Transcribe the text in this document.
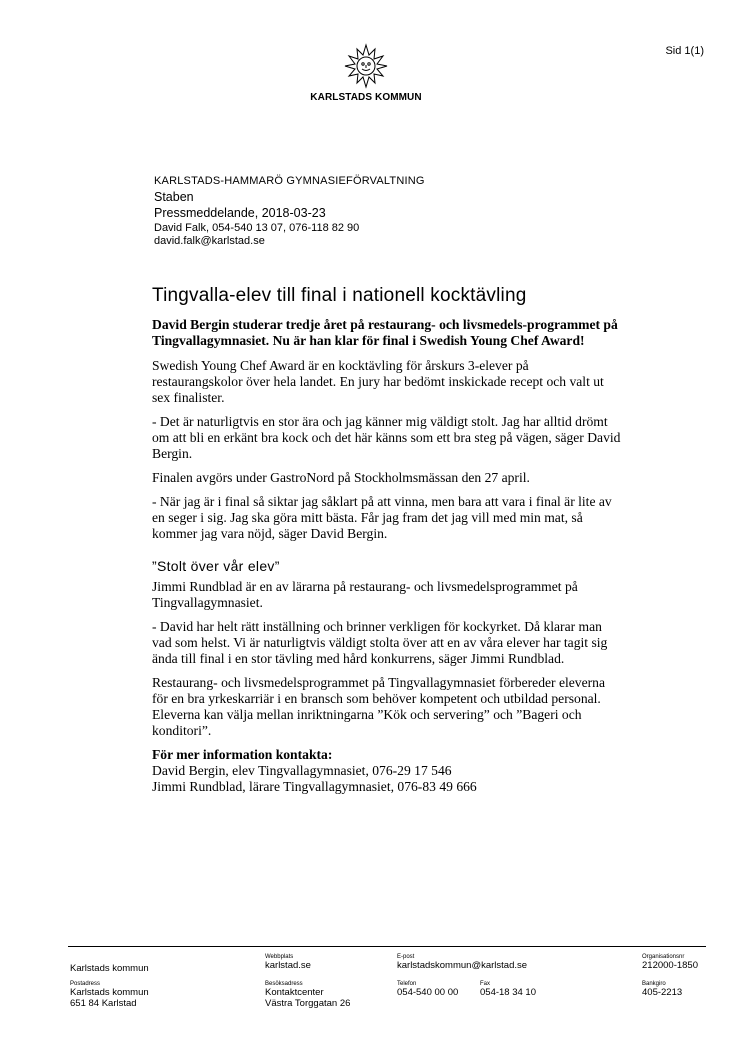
Sid 1(1)
KARLSTADS KOMMUN
KARLSTADS-HAMMARÖ GYMNASIEFÖRVALTNING
Staben
Pressmeddelande, 2018-03-23
David Falk, 054-540 13 07, 076-118 82 90
david.falk@karlstad.se
Tingvalla-elev till final i nationell kocktävling
David Bergin studerar tredje året på restaurang- och livsmedels-programmet på Tingvallagymnasiet. Nu är han klar för final i Swedish Young Chef Award!

Swedish Young Chef Award är en kocktävling för årskurs 3-elever på restaurangskolor över hela landet. En jury har bedömt inskickade recept och valt ut sex finalister.

- Det är naturligtvis en stor ära och jag känner mig väldigt stolt. Jag har alltid drömt om att bli en erkänt bra kock och det här känns som ett bra steg på vägen, säger David Bergin.

Finalen avgörs under GastroNord på Stockholmsmässan den 27 april.

- När jag är i final så siktar jag såklart på att vinna, men bara att vara i final är lite av en seger i sig. Jag ska göra mitt bästa. Får jag fram det jag vill med min mat, så kommer jag vara nöjd, säger David Bergin.

”Stolt över vår elev”

Jimmi Rundblad är en av lärarna på restaurang- och livsmedelsprogrammet på Tingvallagymnasiet.

- David har helt rätt inställning och brinner verkligen för kockyrket. Då klarar man vad som helst. Vi är naturligtvis väldigt stolta över att en av våra elever har tagit sig ända till final i en stor tävling med hård konkurrens, säger Jimmi Rundblad.

Restaurang- och livsmedelsprogrammet på Tingvallagymnasiet förbereder eleverna för en bra yrkeskarriär i en bransch som behöver kompetent och utbildad personal. Eleverna kan välja mellan inriktningarna ”Kök och servering” och ”Bageri och konditori”.

För mer information kontakta:
David Bergin, elev Tingvallagymnasiet, 076-29 17 546
Jimmi Rundblad, lärare Tingvallagymnasiet, 076-83 49 666
Karlstads kommun
Webbplats
karlstad.se
E-post
karlstadskommun@karlstad.se
Organisationsnr
212000-1850
Postadress
Karlstads kommun
651 84 Karlstad
Besöksadress
Kontaktcenter
Västra Torggatan 26
Telefon
054-540 00 00
Fax
054-18 34 10
Bankgiro
405-2213
